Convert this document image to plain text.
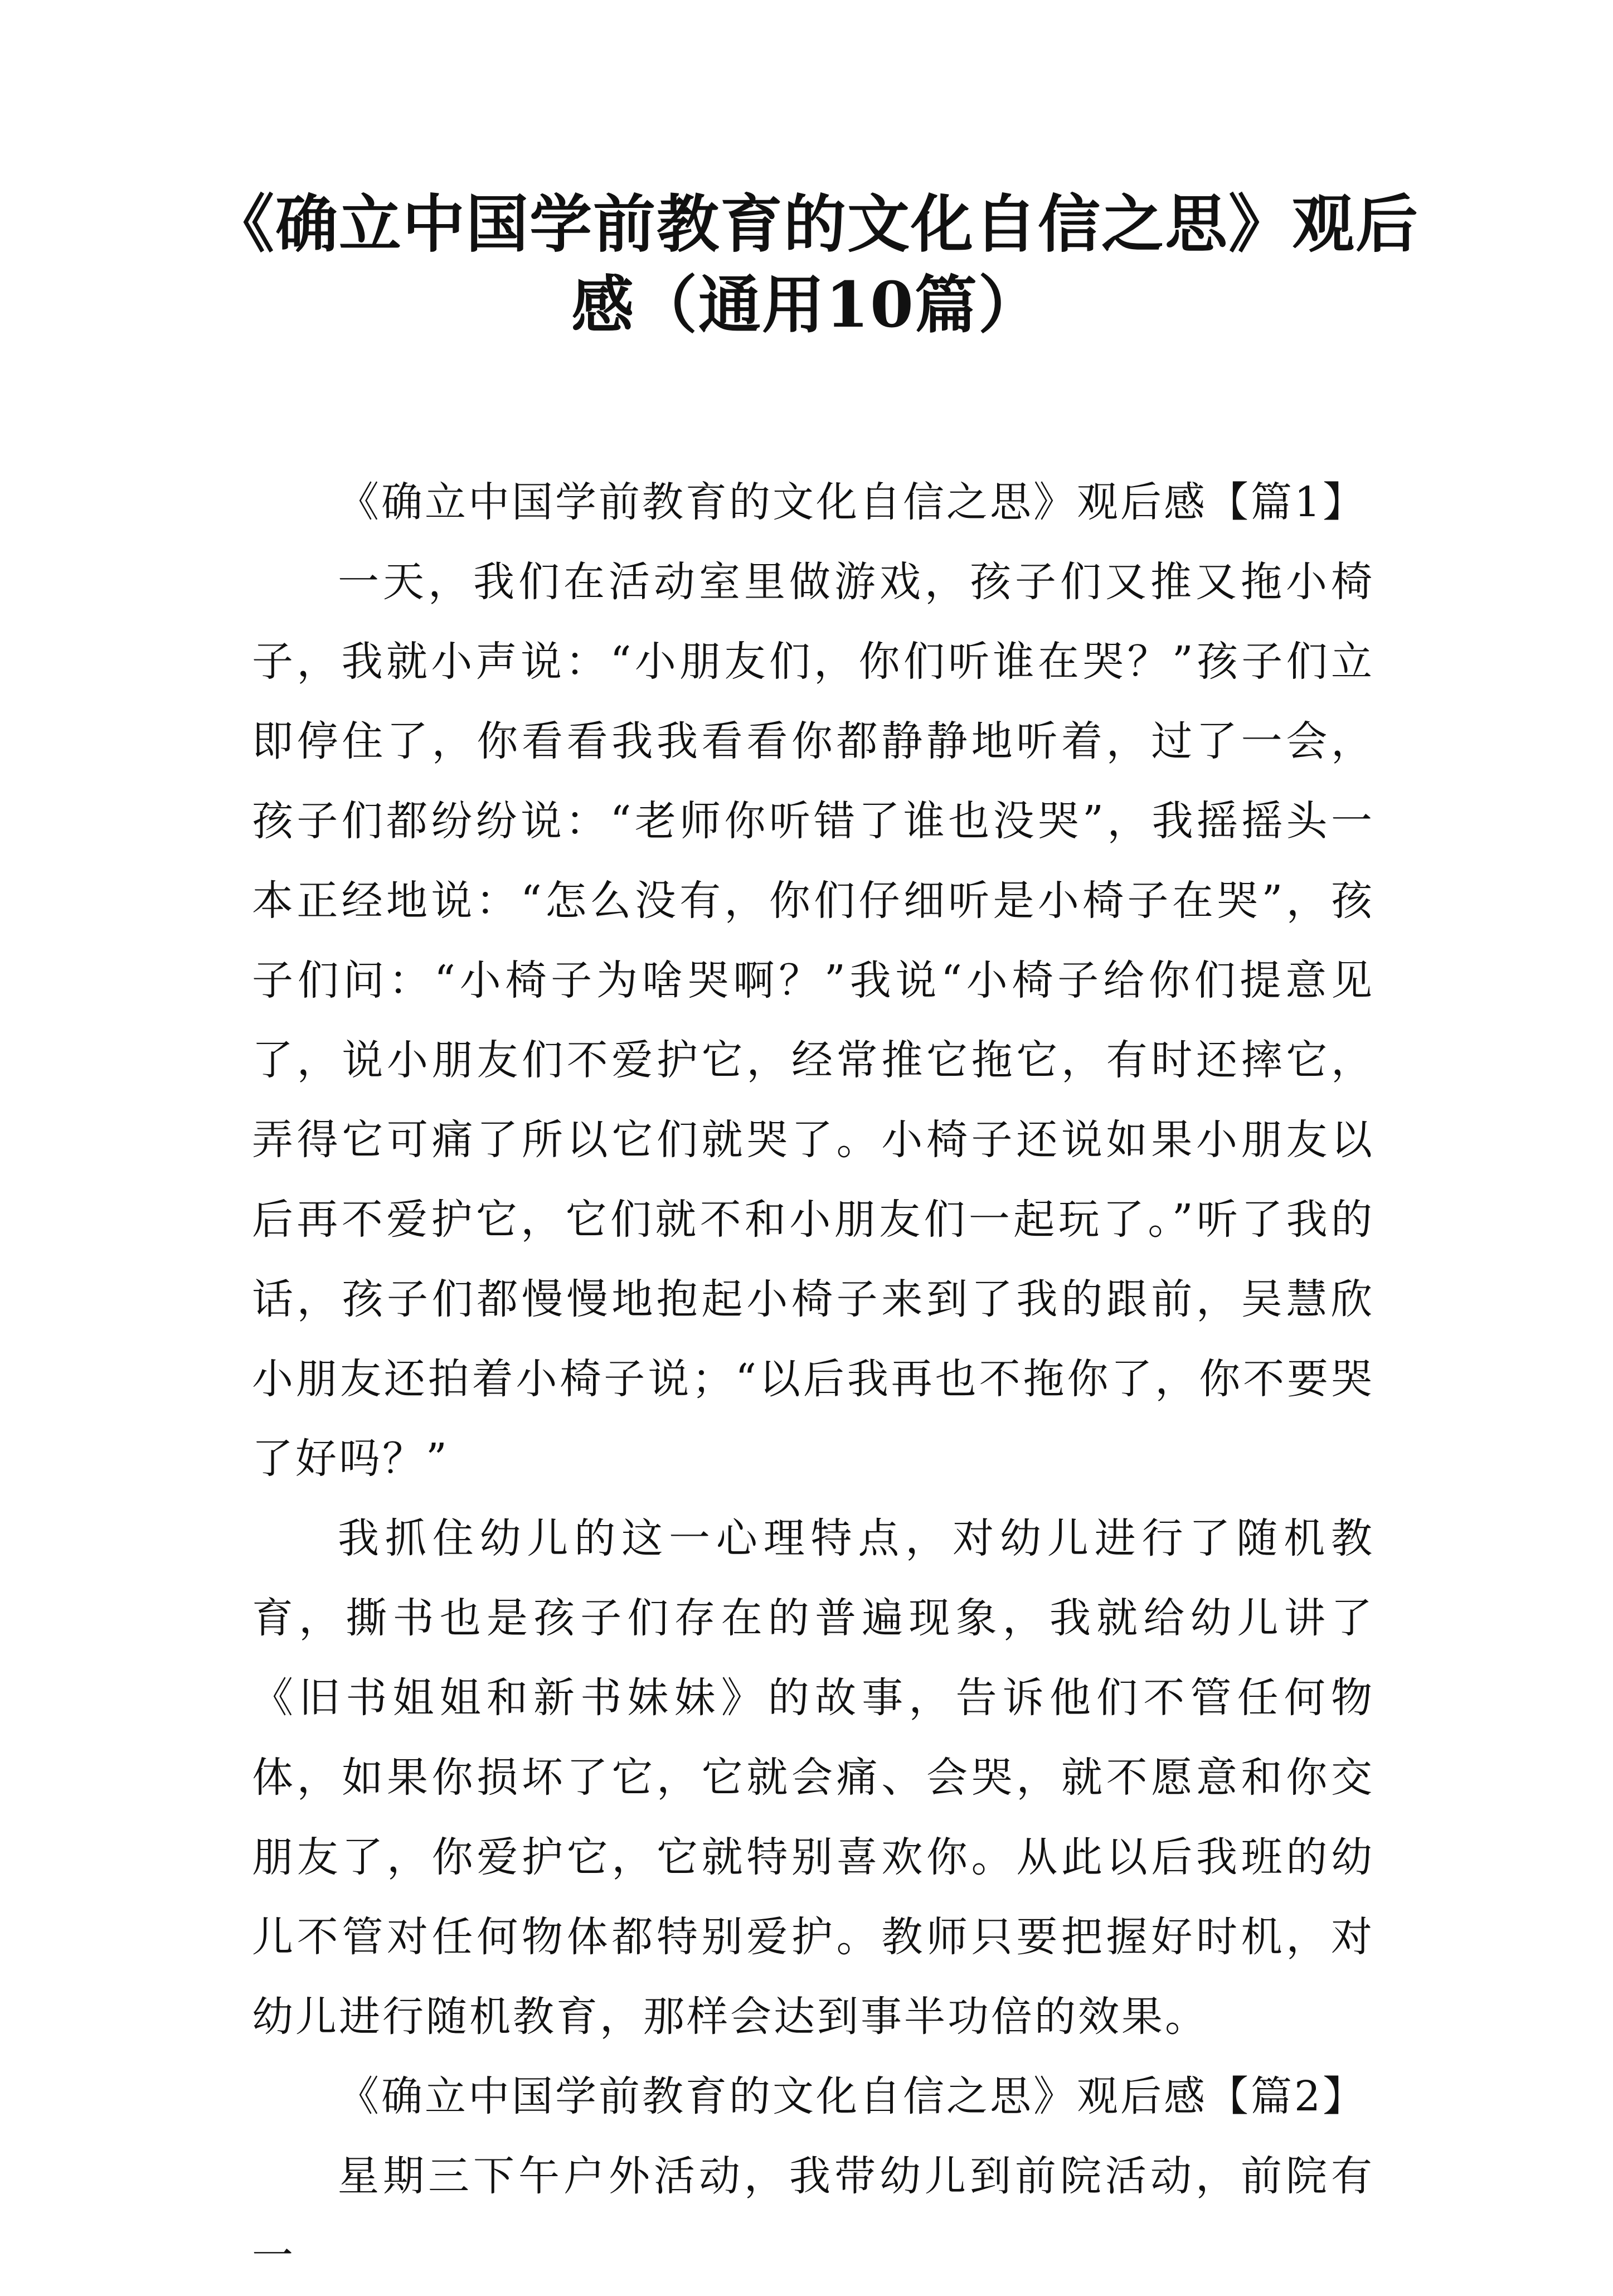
《确立中国学前教育的文化自信之思》观后
感（通用10篇）

《确立中国学前教育的文化自信之思》观后感【篇1】

一天，我们在活动室里做游戏，孩子们又推又拖小椅子，我就小声说：“小朋友们，你们听谁在哭？”孩子们立即停住了，你看看我我看看你都静静地听着，过了一会，孩子们都纷纷说：“老师你听错了谁也没哭”，我摇摇头一本正经地说：“怎么没有，你们仔细听是小椅子在哭”，孩子们问：“小椅子为啥哭啊？”我说“小椅子给你们提意见了，说小朋友们不爱护它，经常推它拖它，有时还摔它，弄得它可痛了所以它们就哭了。小椅子还说如果小朋友以后再不爱护它，它们就不和小朋友们一起玩了。”听了我的话，孩子们都慢慢地抱起小椅子来到了我的跟前，吴慧欣小朋友还拍着小椅子说；“以后我再也不拖你了，你不要哭了好吗？”

我抓住幼儿的这一心理特点，对幼儿进行了随机教育，撕书也是孩子们存在的普遍现象，我就给幼儿讲了《旧书姐姐和新书妹妹》的故事，告诉他们不管任何物体，如果你损坏了它，它就会痛、会哭，就不愿意和你交朋友了，你爱护它，它就特别喜欢你。从此以后我班的幼儿不管对任何物体都特别爱护。教师只要把握好时机，对幼儿进行随机教育，那样会达到事半功倍的效果。

《确立中国学前教育的文化自信之思》观后感【篇2】

星期三下午户外活动，我带幼儿到前院活动，前院有一
